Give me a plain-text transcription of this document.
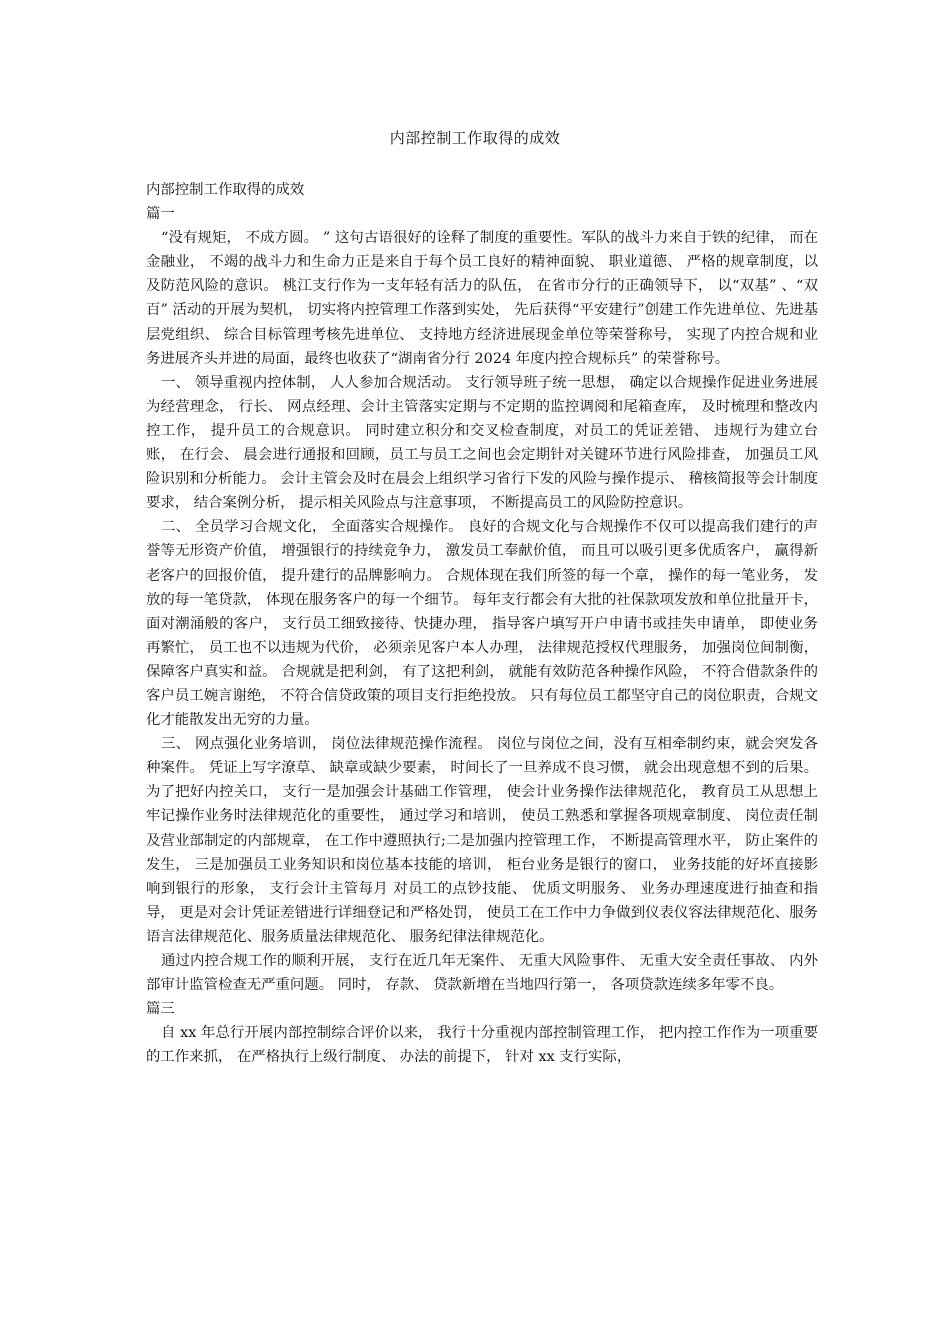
内部控制工作取得的成效

内部控制工作取得的成效

篇一

“没有规矩， 不成方圆。 ” 这句古语很好的诠释了制度的重要性。军队的战斗力来自于铁的纪律， 而在金融业， 不竭的战斗力和生命力正是来自于每个员工良好的精神面貌、 职业道德、 严格的规章制度，以及防范风险的意识。 桃江支行作为一支年轻有活力的队伍， 在省市分行的正确领导下， 以“双基” 、“双百” 活动的开展为契机， 切实将内控管理工作落到实处， 先后获得“平安建行”创建工作先进单位、先进基层党组织、 综合目标管理考核先进单位、 支持地方经济进展现金单位等荣誉称号， 实现了内控合规和业务进展齐头并进的局面，最终也收获了“湖南省分行 2024 年度内控合规标兵” 的荣誉称号。

一、 领导重视内控体制， 人人参加合规活动。 支行领导班子统一思想， 确定以合规操作促进业务进展为经营理念， 行长、 网点经理、会计主管落实定期与不定期的监控调阅和尾箱查库， 及时梳理和整改内控工作， 提升员工的合规意识。 同时建立积分和交叉检查制度，对员工的凭证差错、 违规行为建立台账， 在行会、 晨会进行通报和回顾，员工与员工之间也会定期针对关键环节进行风险排查， 加强员工风险识别和分析能力。 会计主管会及时在晨会上组织学习省行下发的风险与操作提示、 稽核简报等会计制度要求， 结合案例分析， 提示相关风险点与注意事项， 不断提高员工的风险防控意识。

二、 全员学习合规文化， 全面落实合规操作。 良好的合规文化与合规操作不仅可以提高我们建行的声誉等无形资产价值， 增强银行的持续竞争力， 激发员工奉献价值， 而且可以吸引更多优质客户， 赢得新老客户的回报价值， 提升建行的品牌影响力。 合规体现在我们所签的每一个章， 操作的每一笔业务， 发放的每一笔贷款， 体现在服务客户的每一个细节。 每年支行都会有大批的社保款项发放和单位批量开卡， 面对潮涌般的客户， 支行员工细致接待、快捷办理， 指导客户填写开户申请书或挂失申请单， 即使业务再繁忙， 员工也不以违规为代价， 必须亲见客户本人办理， 法律规范授权代理服务， 加强岗位间制衡，保障客户真实和益。 合规就是把利剑， 有了这把利剑， 就能有效防范各种操作风险， 不符合借款条件的客户员工婉言谢绝， 不符合信贷政策的项目支行拒绝投放。 只有每位员工都坚守自己的岗位职责，合规文化才能散发出无穷的力量。

三、 网点强化业务培训， 岗位法律规范操作流程。 岗位与岗位之间，没有互相牵制约束，就会突发各种案件。 凭证上写字潦草、 缺章或缺少要素， 时间长了一旦养成不良习惯， 就会出现意想不到的后果。 为了把好内控关口， 支行一是加强会计基础工作管理， 使会计业务操作法律规范化， 教育员工从思想上牢记操作业务时法律规范化的重要性， 通过学习和培训， 使员工熟悉和掌握各项规章制度、 岗位责任制及营业部制定的内部规章， 在工作中遵照执行;二是加强内控管理工作， 不断提高管理水平， 防止案件的发生， 三是加强员工业务知识和岗位基本技能的培训， 柜台业务是银行的窗口， 业务技能的好坏直接影响到银行的形象， 支行会计主管每月 对员工的点钞技能、 优质文明服务、 业务办理速度进行抽查和指导， 更是对会计凭证差错进行详细登记和严格处罚， 使员工在工作中力争做到仪表仪容法律规范化、服务语言法律规范化、服务质量法律规范化、 服务纪律法律规范化。

通过内控合规工作的顺利开展， 支行在近几年无案件、 无重大风险事件、 无重大安全责任事故、 内外部审计监管检查无严重问题。 同时， 存款、 贷款新增在当地四行第一， 各项贷款连续多年零不良。

篇三

自 xx 年总行开展内部控制综合评价以来， 我行十分重视内部控制管理工作， 把内控工作作为一项重要的工作来抓， 在严格执行上级行制度、 办法的前提下， 针对 xx 支行实际，
